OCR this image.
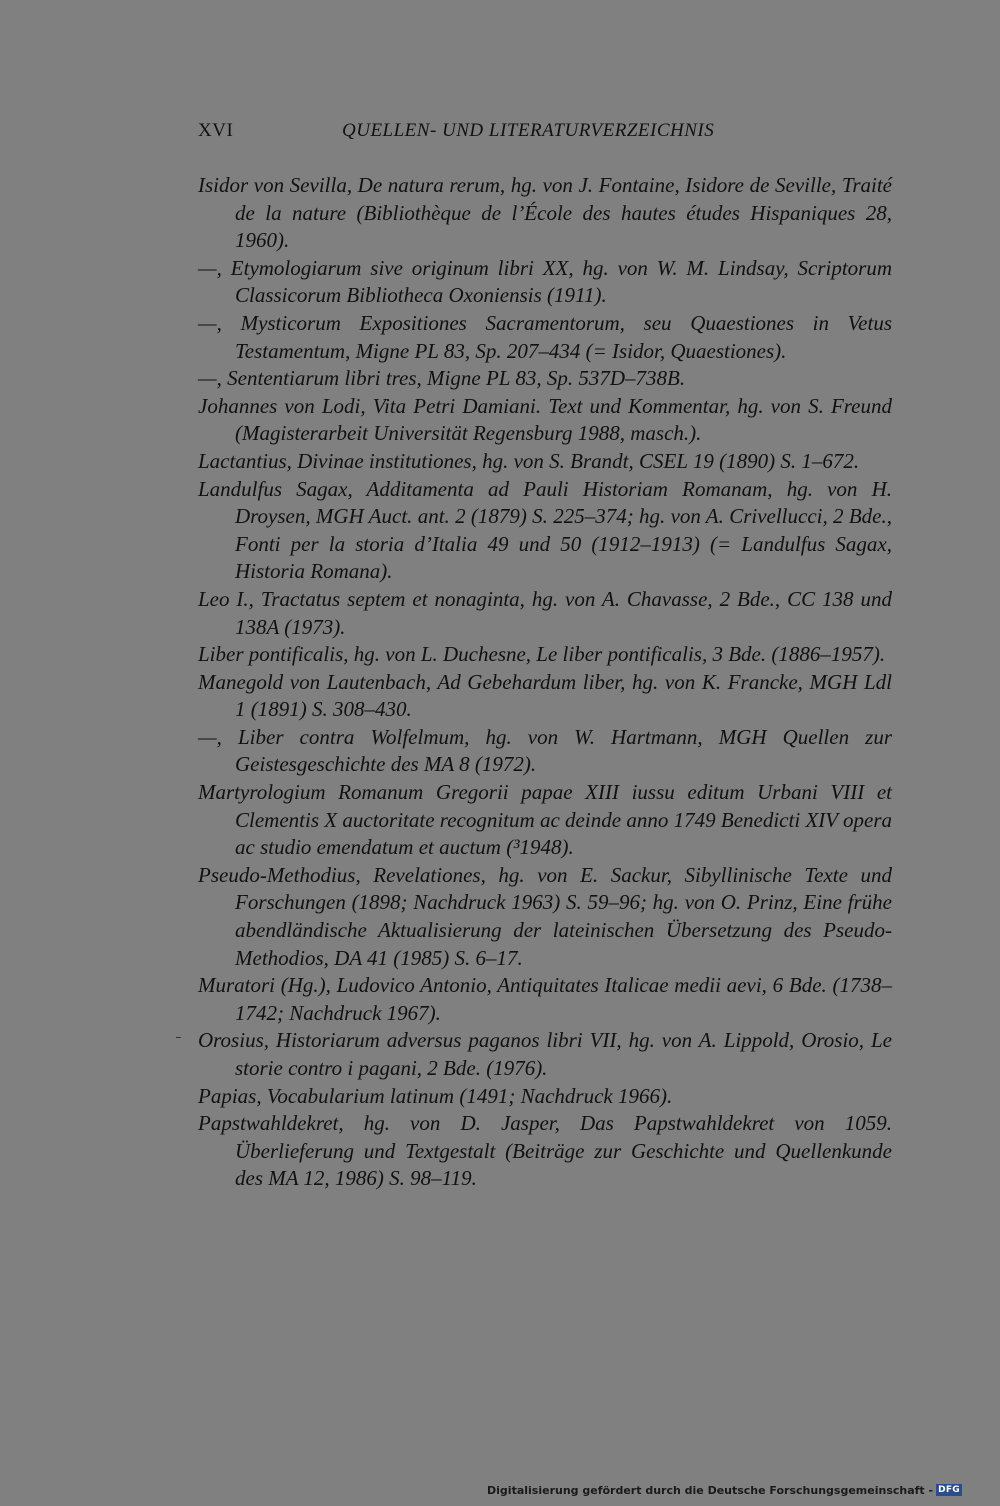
XVI	QUELLEN- UND LITERATURVERZEICHNIS

Isidor von Sevilla, De natura rerum, hg. von J. Fontaine, Isidore de Seville, Traité de la nature (Bibliothèque de l’École des hautes études Hispaniques 28, 1960).

—, Etymologiarum sive originum libri XX, hg. von W. M. Lindsay, Scriptorum Classicorum Bibliotheca Oxoniensis (1911).

—, Mysticorum Expositiones Sacramentorum, seu Quaestiones in Vetus Testamentum, Migne PL 83, Sp. 207–434 (= Isidor, Quaestiones).

—, Sententiarum libri tres, Migne PL 83, Sp. 537D–738B.

Johannes von Lodi, Vita Petri Damiani. Text und Kommentar, hg. von S. Freund (Magisterarbeit Universität Regensburg 1988, masch.).

Lactantius, Divinae institutiones, hg. von S. Brandt, CSEL 19 (1890) S. 1–672.

Landulfus Sagax, Additamenta ad Pauli Historiam Romanam, hg. von H. Droysen, MGH Auct. ant. 2 (1879) S. 225–374; hg. von A. Crivellucci, 2 Bde., Fonti per la storia d’Italia 49 und 50 (1912–1913) (= Landulfus Sagax, Historia Romana).

Leo I., Tractatus septem et nonaginta, hg. von A. Chavasse, 2 Bde., CC 138 und 138A (1973).

Liber pontificalis, hg. von L. Duchesne, Le liber pontificalis, 3 Bde. (1886–1957).

Manegold von Lautenbach, Ad Gebehardum liber, hg. von K. Francke, MGH Ldl 1 (1891) S. 308–430.

—, Liber contra Wolfelmum, hg. von W. Hartmann, MGH Quellen zur Geistesgeschichte des MA 8 (1972).

Martyrologium Romanum Gregorii papae XIII iussu editum Urbani VIII et Clementis X auctoritate recognitum ac deinde anno 1749 Benedicti XIV opera ac studio emendatum et auctum (³1948).

Pseudo-Methodius, Revelationes, hg. von E. Sackur, Sibyllinische Texte und Forschungen (1898; Nachdruck 1963) S. 59–96; hg. von O. Prinz, Eine frühe abendländische Aktualisierung der lateinischen Übersetzung des Pseudo-Methodios, DA 41 (1985) S. 6–17.

Muratori (Hg.), Ludovico Antonio, Antiquitates Italicae medii aevi, 6 Bde. (1738–1742; Nachdruck 1967).

Orosius, Historiarum adversus paganos libri VII, hg. von A. Lippold, Orosio, Le storie contro i pagani, 2 Bde. (1976).

Papias, Vocabularium latinum (1491; Nachdruck 1966).

Papstwahldekret, hg. von D. Jasper, Das Papstwahldekret von 1059. Überlieferung und Textgestalt (Beiträge zur Geschichte und Quellenkunde des MA 12, 1986) S. 98–119.

Digitalisierung gefördert durch die Deutsche Forschungsgemeinschaft - DFG
